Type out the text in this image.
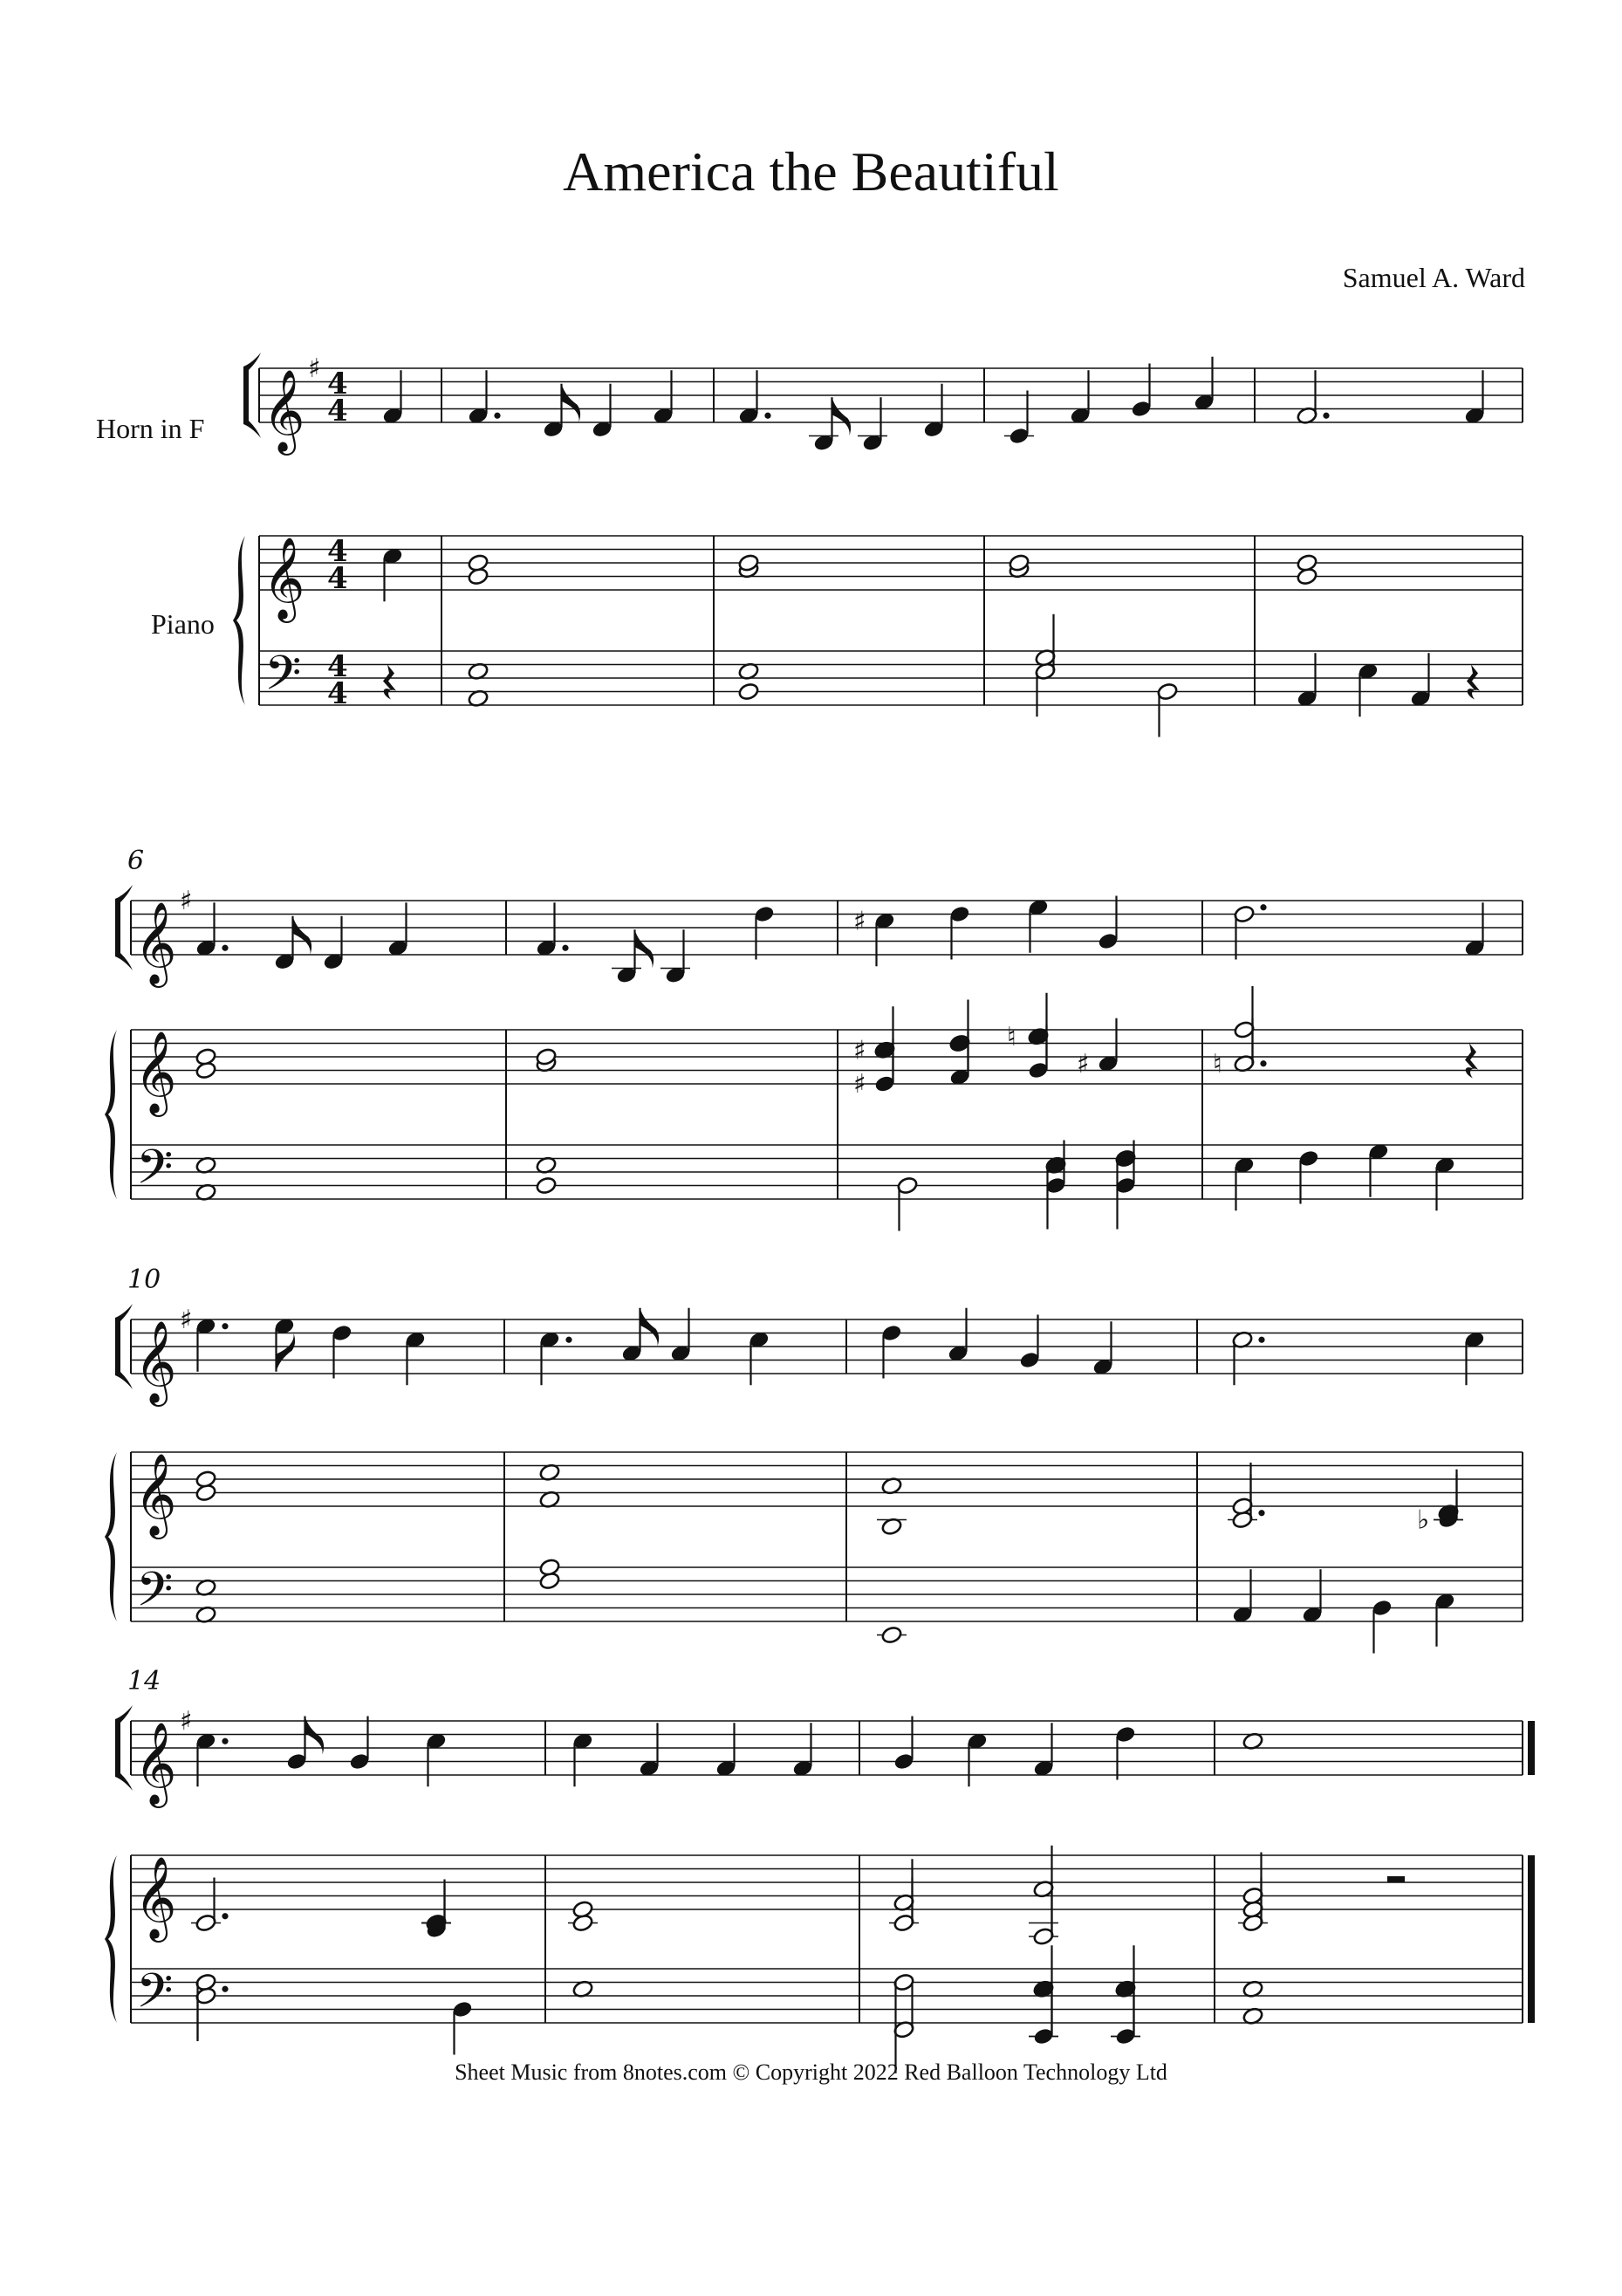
America the Beautiful
Samuel A. Ward
Horn in F
Piano
Sheet Music from 8notes.com © Copyright 2022 Red Balloon Technology Ltd
6
10
14
𝄞
𝄞
𝄢
♯ 4
4
4
4
4
4
𝄞
𝄞
𝄢
♯
𝄞
𝄞
𝄢
♯
𝄞
𝄞
𝄢
♯
♯
♯
♯	♮
♯	♮
♭
